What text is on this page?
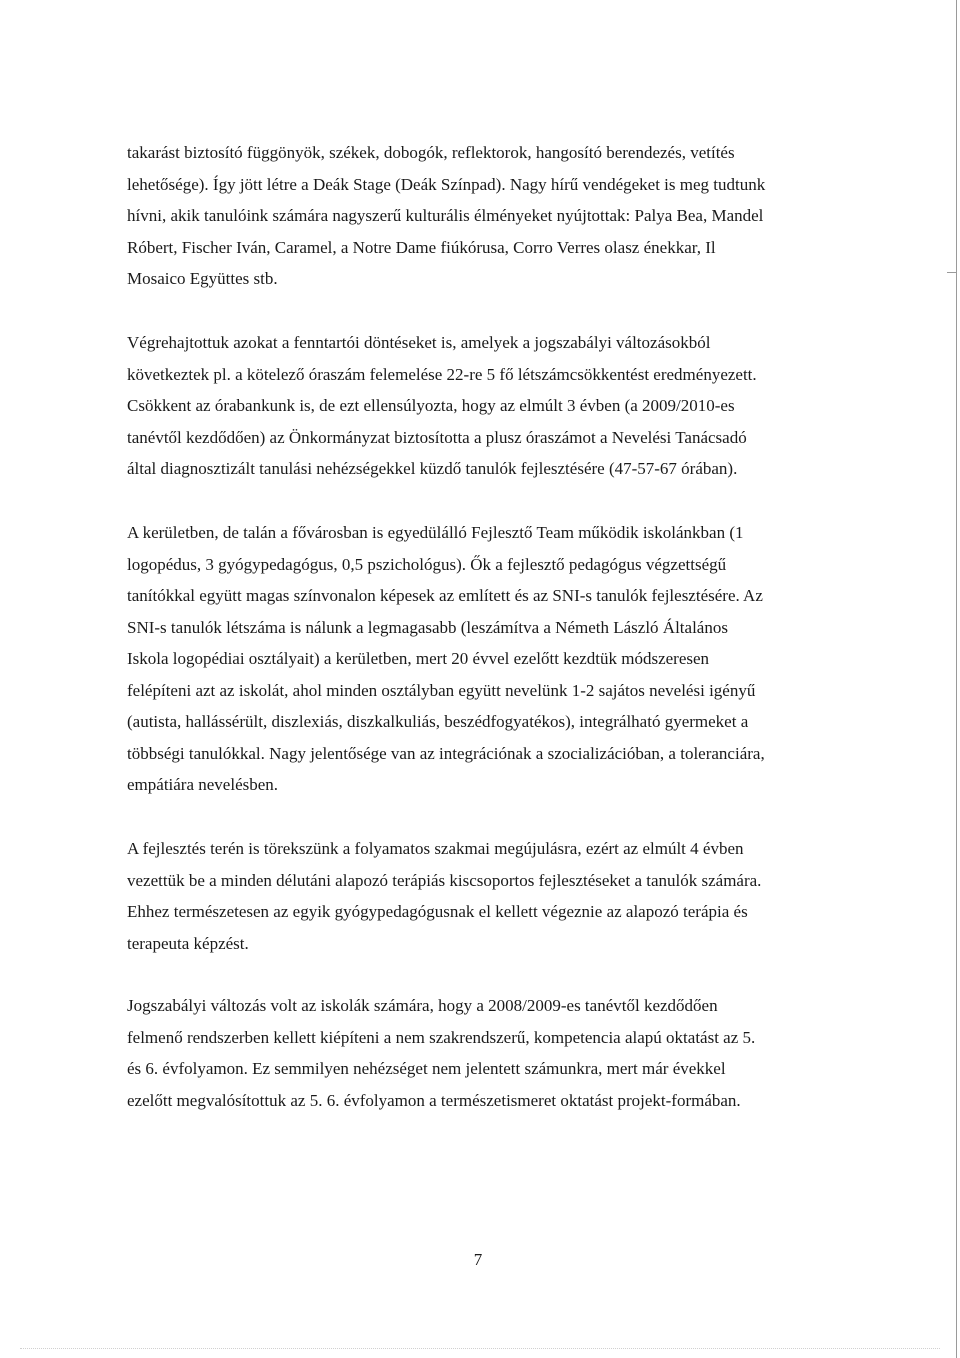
takarást biztosító függönyök, székek, dobogók, reflektorok, hangosító berendezés, vetítés
lehetősége). Így jött létre a Deák Stage (Deák Színpad). Nagy hírű vendégeket is meg tudtunk
hívni, akik tanulóink számára nagyszerű kulturális élményeket nyújtottak: Palya Bea, Mandel
Róbert, Fischer Iván, Caramel, a Notre Dame fiúkórusa, Corro Verres olasz énekkar, Il
Mosaico Együttes stb.
Végrehajtottuk azokat a fenntartói döntéseket is, amelyek a jogszabályi változásokból
következtek pl. a kötelező óraszám felemelése 22-re 5 fő létszámcsökkentést eredményezett.
Csökkent az órabankunk is, de ezt ellensúlyozta, hogy az elmúlt 3 évben (a 2009/2010-es
tanévtől kezdődően) az Önkormányzat biztosította a plusz óraszámot a Nevelési Tanácsadó
által diagnosztizált tanulási nehézségekkel küzdő tanulók fejlesztésére (47-57-67 órában).
A kerületben, de talán a fővárosban is egyedülálló Fejlesztő Team működik iskolánkban (1
logopédus, 3 gyógypedagógus, 0,5 pszichológus). Ők a fejlesztő pedagógus végzettségű
tanítókkal együtt magas színvonalon képesek az említett és az SNI-s tanulók fejlesztésére. Az
SNI-s tanulók létszáma is nálunk a legmagasabb (leszámítva a Németh László Általános
Iskola logopédiai osztályait) a kerületben, mert 20 évvel ezelőtt kezdtük módszeresen
felépíteni azt az iskolát, ahol minden osztályban együtt nevelünk 1-2 sajátos nevelési igényű
(autista, hallássérült, diszlexiás, diszkalkuliás, beszédfogyatékos), integrálható gyermeket a
többségi tanulókkal. Nagy jelentősége van az integrációnak a szocializációban, a toleranciára,
empátiára nevelésben.
A fejlesztés terén is törekszünk a folyamatos szakmai megújulásra, ezért az elmúlt 4 évben
vezettük be a minden délutáni alapozó terápiás kiscsoportos fejlesztéseket a tanulók számára.
Ehhez természetesen az egyik gyógypedagógusnak el kellett végeznie az alapozó terápia és
terapeuta képzést.
Jogszabályi változás volt az iskolák számára, hogy a 2008/2009-es tanévtől kezdődően
felmenő rendszerben kellett kiépíteni a nem szakrendszerű, kompetencia alapú oktatást az 5.
és 6. évfolyamon. Ez semmilyen nehézséget nem jelentett számunkra, mert már évekkel
ezelőtt megvalósítottuk az 5. 6. évfolyamon a természetismeret oktatást projekt-formában.
7
